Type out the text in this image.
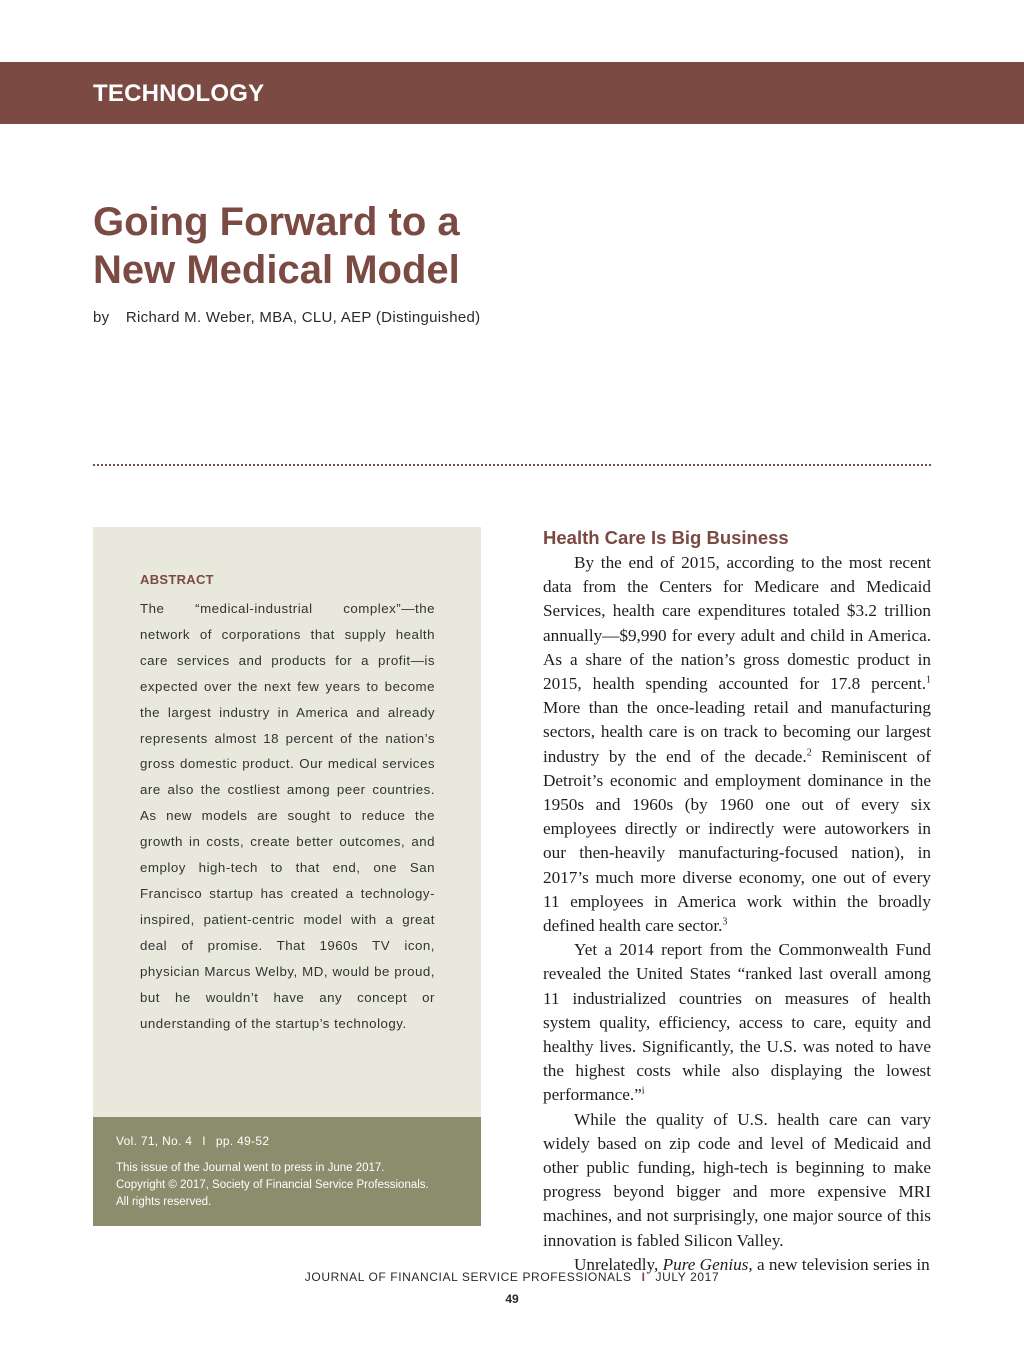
TECHNOLOGY
Going Forward to a
New Medical Model
by Richard M. Weber, MBA, CLU, AEP (Distinguished)
ABSTRACT

The “medical-industrial complex”—the network of corporations that supply health care services and products for a profit—is expected over the next few years to become the largest industry in America and already represents almost 18 percent of the nation’s gross domestic product. Our medical services are also the costliest among peer countries. As new models are sought to reduce the growth in costs, create better outcomes, and employ high-tech to that end, one San Francisco startup has created a technology-inspired, patient-centric model with a great deal of promise. That 1960s TV icon, physician Marcus Welby, MD, would be proud, but he wouldn’t have any concept or understanding of the startup’s technology.

Vol. 71, No. 4 I pp. 49-52

This issue of the Journal went to press in June 2017.
Copyright © 2017, Society of Financial Service Professionals.
All rights reserved.

Health Care Is Big Business

By the end of 2015, according to the most recent data from the Centers for Medicare and Medicaid Services, health care expenditures totaled $3.2 trillion annually—$9,990 for every adult and child in America. As a share of the nation’s gross domestic product in 2015, health spending accounted for 17.8 percent.$^1$ More than the once-leading retail and manufacturing sectors, health care is on track to becoming our largest industry by the end of the decade.$^2$ Reminiscent of Detroit’s economic and employment dominance in the 1950s and 1960s (by 1960 one out of every six employees directly or indirectly were autoworkers in our then-heavily manufacturing-focused nation), in 2017’s much more diverse economy, one out of every 11 employees in America work within the broadly defined health care sector.$^3$

Yet a 2014 report from the Commonwealth Fund revealed the United States “ranked last overall among 11 industrialized countries on measures of health system quality, efficiency, access to care, equity and healthy lives. Significantly, the U.S. was noted to have the highest costs while also displaying the lowest performance.”$^i$

While the quality of U.S. health care can vary widely based on zip code and level of Medicaid and other public funding, high-tech is beginning to make progress beyond bigger and more expensive MRI machines, and not surprisingly, one major source of this innovation is fabled Silicon Valley.

Unrelatedly, Pure Genius, a new television series in

JOURNAL OF FINANCIAL SERVICE PROFESSIONALS I JULY 2017
49
